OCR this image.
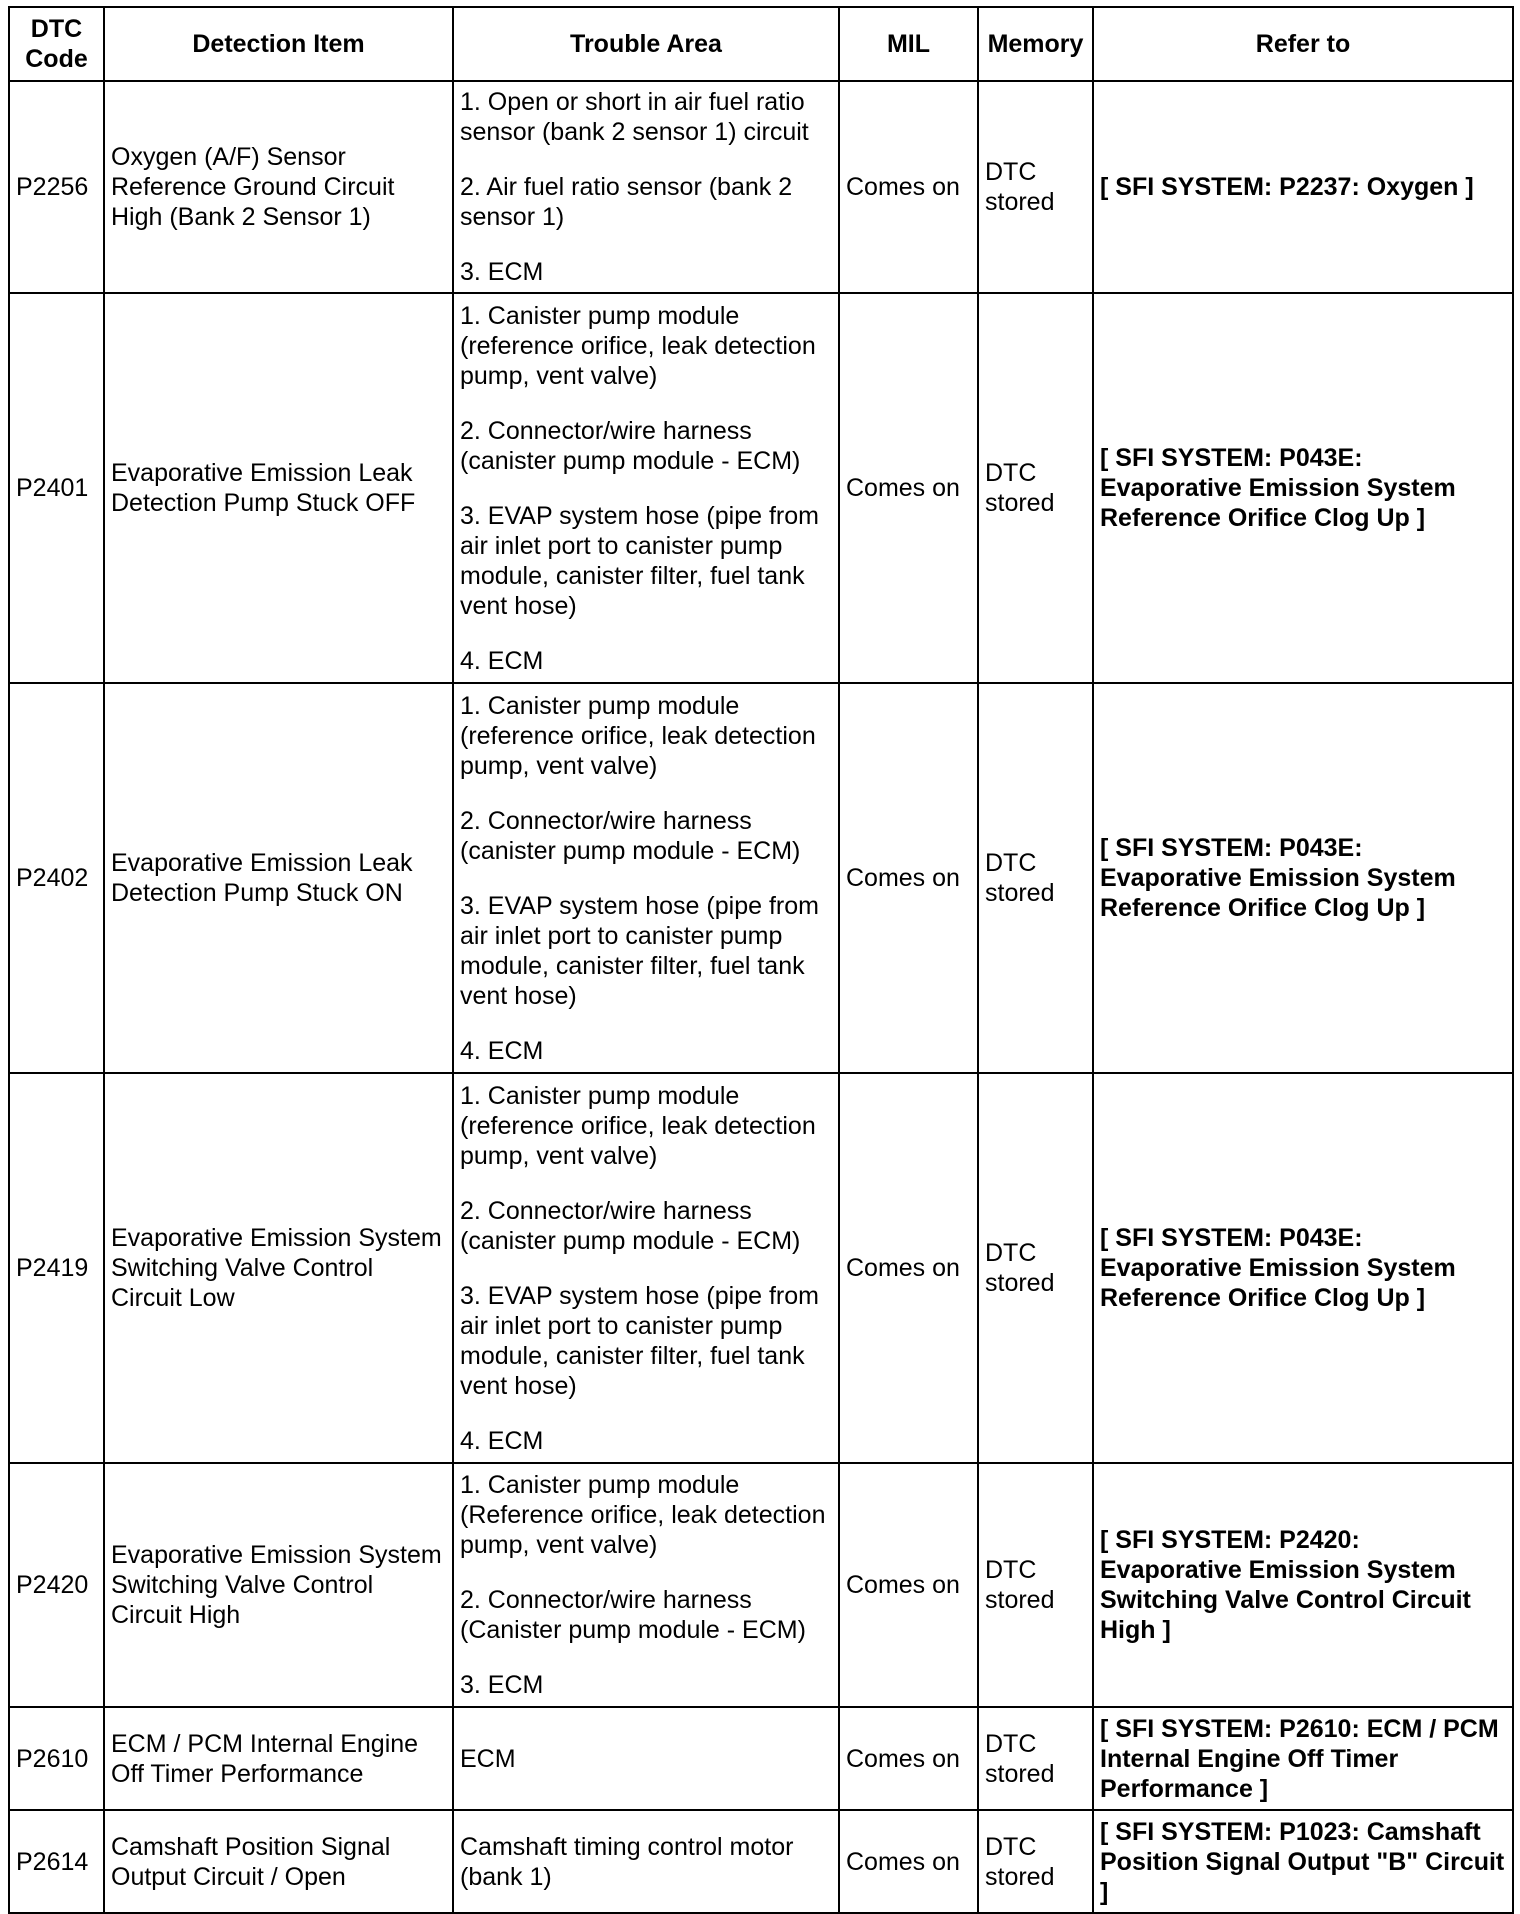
DTC Code	Detection Item	Trouble Area	MIL	Memory	Refer to
P2256	Oxygen (A/F) Sensor Reference Ground Circuit High (Bank 2 Sensor 1)	1. Open or short in air fuel ratio sensor (bank 2 sensor 1) circuit
2. Air fuel ratio sensor (bank 2 sensor 1)
3. ECM	Comes on	DTC stored	[ SFI SYSTEM: P2237: Oxygen ]
P2401	Evaporative Emission Leak Detection Pump Stuck OFF	1. Canister pump module (reference orifice, leak detection pump, vent valve)
2. Connector/wire harness (canister pump module - ECM)
3. EVAP system hose (pipe from air inlet port to canister pump module, canister filter, fuel tank vent hose)
4. ECM	Comes on	DTC stored	[ SFI SYSTEM: P043E: Evaporative Emission System Reference Orifice Clog Up ]
P2402	Evaporative Emission Leak Detection Pump Stuck ON	1. Canister pump module (reference orifice, leak detection pump, vent valve)
2. Connector/wire harness (canister pump module - ECM)
3. EVAP system hose (pipe from air inlet port to canister pump module, canister filter, fuel tank vent hose)
4. ECM	Comes on	DTC stored	[ SFI SYSTEM: P043E: Evaporative Emission System Reference Orifice Clog Up ]
P2419	Evaporative Emission System Switching Valve Control Circuit Low	1. Canister pump module (reference orifice, leak detection pump, vent valve)
2. Connector/wire harness (canister pump module - ECM)
3. EVAP system hose (pipe from air inlet port to canister pump module, canister filter, fuel tank vent hose)
4. ECM	Comes on	DTC stored	[ SFI SYSTEM: P043E: Evaporative Emission System Reference Orifice Clog Up ]
P2420	Evaporative Emission System Switching Valve Control Circuit High	1. Canister pump module (Reference orifice, leak detection pump, vent valve)
2. Connector/wire harness (Canister pump module - ECM)
3. ECM	Comes on	DTC stored	[ SFI SYSTEM: P2420: Evaporative Emission System Switching Valve Control Circuit High ]
P2610	ECM / PCM Internal Engine Off Timer Performance	ECM	Comes on	DTC stored	[ SFI SYSTEM: P2610: ECM / PCM Internal Engine Off Timer Performance ]
P2614	Camshaft Position Signal Output Circuit / Open	Camshaft timing control motor (bank 1)	Comes on	DTC stored	[ SFI SYSTEM: P1023: Camshaft Position Signal Output "B" Circuit ]
